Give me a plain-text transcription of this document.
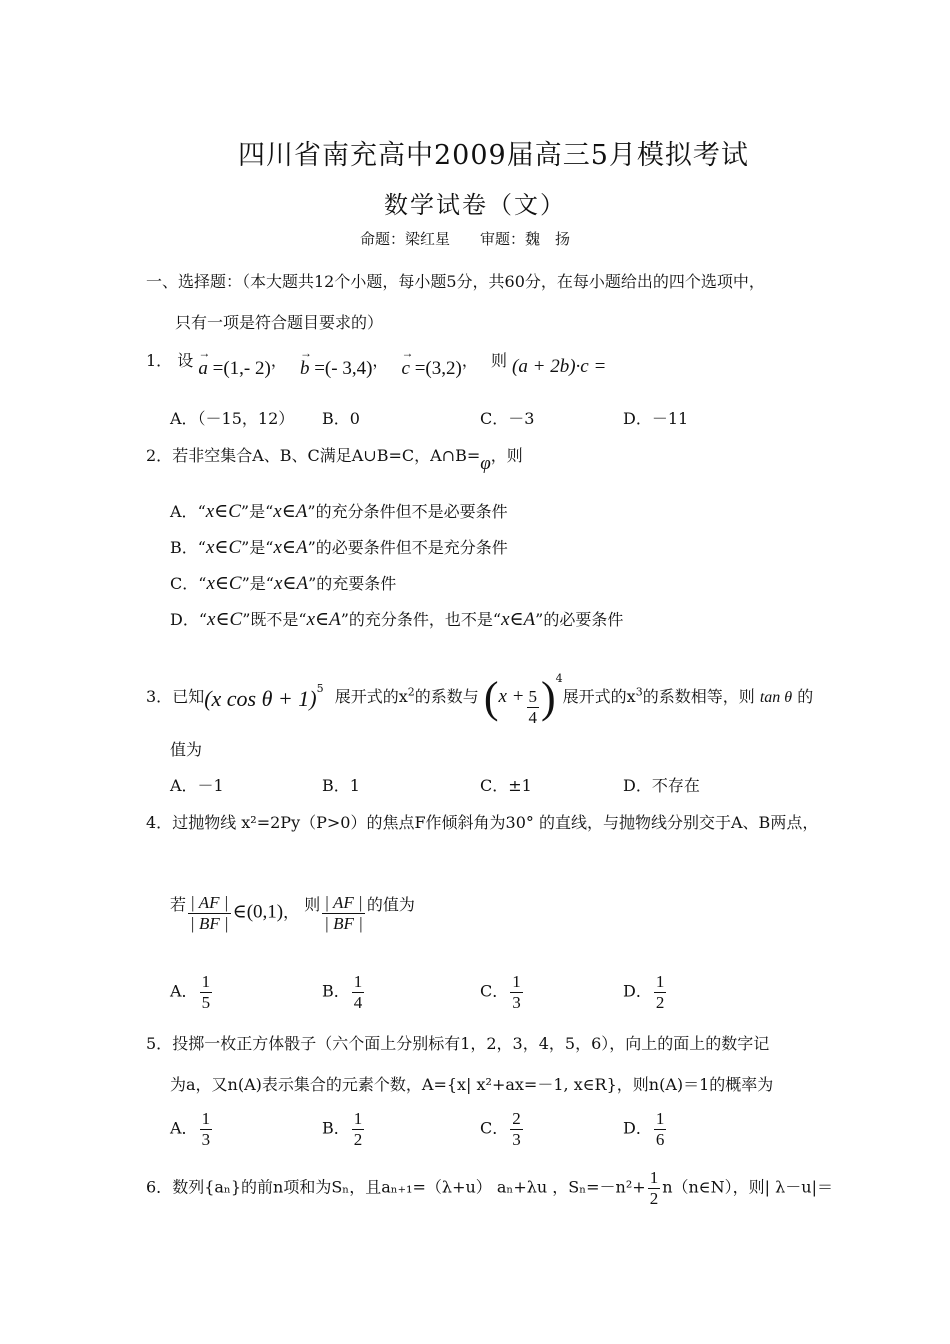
四川省南充高中2009届高三5月模拟考试
数学试卷（文）
命题：梁红星　　审题：魏　扬
一、选择题：（本大题共12个小题，每小题5分，共60分，在每小题给出的四个选项中，
只有一项是符合题目要求的）
1． 设 → a =(1,- 2)， → b =(- 3,4)， → c =(3,2)， 则 (a + 2b)·c =
A．（－15，12） B．0	C．－3	D．－11
2．若非空集合A、B、C满足A∪B=C，A∩B=φ，则
A．“x∈C”是“x∈A”的充分条件但不是必要条件
B．“x∈C”是“x∈A”的必要条件但不是充分条件
C．“x∈C”是“x∈A”的充要条件
D．“x∈C”既不是“x∈A”的充分条件，也不是“x∈A”的必要条件
3．已知(x cos θ + 1)$^5$ 展开式的$x^2$的系数与 $(x + \frac{5}{4} )^4$展开式的$x^3$的系数相等，则 tan θ 的
值为
A．－1	B．1	C．±1	D．不存在
4．过抛物线 x²=2Py（P>0）的焦点F作倾斜角为30° 的直线，与抛物线分别交于A、B两点，
若 $\frac{| AF |}{| BF |}$ ∈(0,1)， 则 $\frac{| AF |}{| BF |}$ 的值为
A． $\frac{1}{5}$	B． $\frac{1}{4}$	C． $\frac{1}{3}$	D． $\frac{1}{2}$
5．投掷一枚正方体骰子（六个面上分别标有1，2，3，4，5，6），向上的面上的数字记
为a，又n(A)表示集合的元素个数，A={x| x²+ax=－1, x∈R}，则n(A)＝1的概率为
A． $\frac{1}{3}$	B． $\frac{1}{2}$	C． $\frac{2}{3}$	D． $\frac{1}{6}$
6．数列{aₙ}的前n项和为Sₙ，且aₙ₊₁=（λ+u） aₙ+λu ，$S_n=-n^2+ \frac{1}{2}$ n（n∈N），则| λ－u|＝
